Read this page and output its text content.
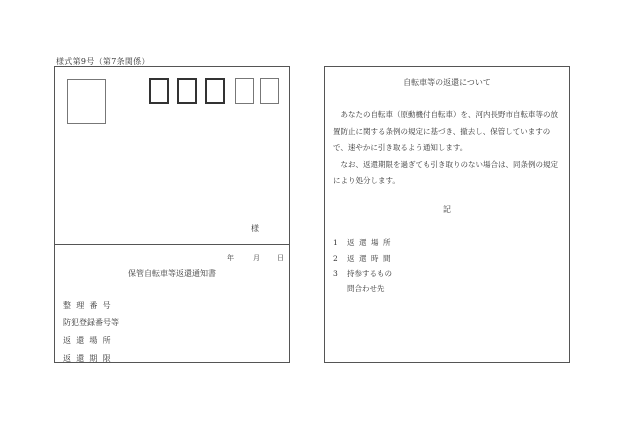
様式第9号（第7条関係）
様
年	月 日
保管自転車等返還通知書
整理番号
防犯登録番号等
返還場所
返還期限
自転車等の返還について

あなたの自転車（原動機付自転車）を、河内長野市自転車等の放置防止に関する条例の規定に基づき、撤去し、保管していますので、速やかに引き取るよう通知します。

なお、返還期限を過ぎても引き取りのない場合は、同条例の規定により処分します。

記
1 返還場所
2 返還時間
3 持参するもの
問合わせ先
